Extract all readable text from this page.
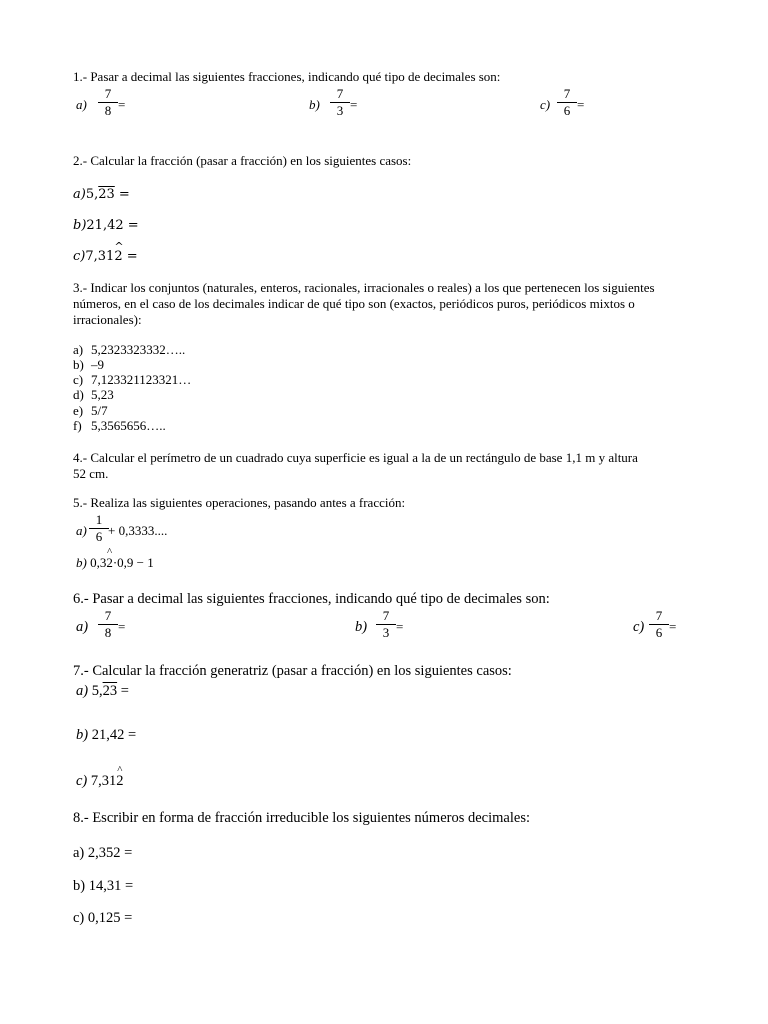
1.- Pasar a decimal las siguientes fracciones, indicando qué tipo de decimales son:
a)
7
8 =	b)
7
3 =	c)
7
6 =
2.- Calcular la fracción (pasar a fracción) en los siguientes casos:
a)5,23 =
b)21,42 =
c)7,312 ^ =
3.- Indicar los conjuntos (naturales, enteros, racionales, irracionales o reales) a los que pertenecen los siguientes
números, en el caso de los decimales indicar de qué tipo son (exactos, periódicos puros, periódicos mixtos o
irracionales):
a) 5,2323323332…..
b) –9
c) 7,123321123321…
d) 5,23
e) 5/7
f) 5,3565656…..
4.- Calcular el perímetro de un cuadrado cuya superficie es igual a la de un rectángulo de base 1,1 m y altura
52 cm.
5.- Realiza las siguientes operaciones, pasando antes a fracción:
a)
1
6 + 0,3333....
b) 0,32 ^·0,9 − 1
6.- Pasar a decimal las siguientes fracciones, indicando qué tipo de decimales son:
a)
7
8 =	b)
7
3 =	c)
7
6 =
7.- Calcular la fracción generatriz (pasar a fracción) en los siguientes casos:
a) 5,23 =
b) 21,42 =
c) 7,312 ^
8.- Escribir en forma de fracción irreducible los siguientes números decimales:
a) 2,352 =
b) 14,31 =
c) 0,125 =
